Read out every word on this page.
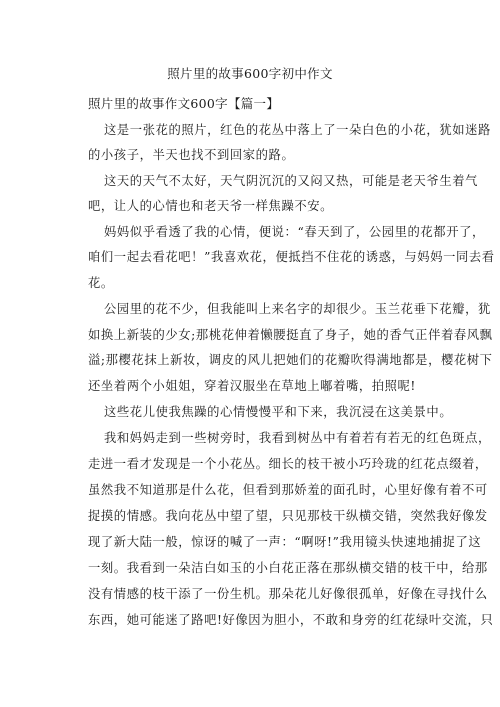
照片里的故事600字初中作文
照片里的故事作文600字【篇一】
这是一张花的照片，红色的花丛中落上了一朵白色的小花，犹如迷路
的小孩子，半天也找不到回家的路。
这天的天气不太好，天气阴沉沉的又闷又热，可能是老天爷生着气
吧，让人的心情也和老天爷一样焦躁不安。
妈妈似乎看透了我的心情，便说：“春天到了，公园里的花都开了，
咱们一起去看花吧！”我喜欢花，便抵挡不住花的诱惑，与妈妈一同去看
花。
公园里的花不少，但我能叫上来名字的却很少。玉兰花垂下花瓣，犹
如换上新装的少女;那桃花伸着懒腰挺直了身子，她的香气正伴着春风飘
溢;那樱花抹上新妆，调皮的风儿把她们的花瓣吹得满地都是，樱花树下
还坐着两个小姐姐，穿着汉服坐在草地上嘟着嘴，拍照呢!
这些花儿使我焦躁的心情慢慢平和下来，我沉浸在这美景中。
我和妈妈走到一些树旁时，我看到树丛中有着若有若无的红色斑点，
走进一看才发现是一个小花丛。细长的枝干被小巧玲珑的红花点缀着，
虽然我不知道那是什么花，但看到那娇羞的面孔时，心里好像有着不可
捉摸的情感。我向花丛中望了望，只见那枝干纵横交错，突然我好像发
现了新大陆一般，惊讶的喊了一声：“啊呀!”我用镜头快速地捕捉了这
一刻。我看到一朵洁白如玉的小白花正落在那纵横交错的枝干中，给那
没有情感的枝干添了一份生机。那朵花儿好像很孤单，好像在寻找什么
东西，她可能迷了路吧!好像因为胆小，不敢和身旁的红花绿叶交流，只
